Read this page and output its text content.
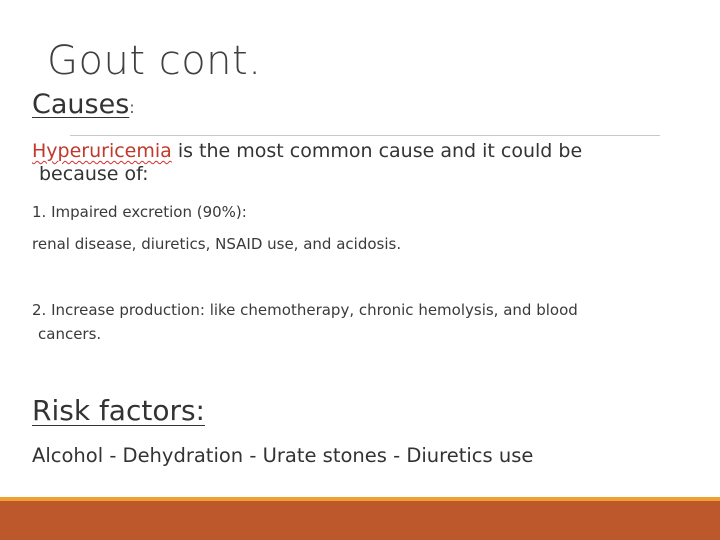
Gout cont.
Causes:
Hyperuricemia is the most common cause and it could be
because of:
1. Impaired excretion (90%):
renal disease, diuretics, NSAID use, and acidosis.
2. Increase production: like chemotherapy, chronic hemolysis, and blood
cancers.
Risk factors:
Alcohol - Dehydration - Urate stones - Diuretics use
